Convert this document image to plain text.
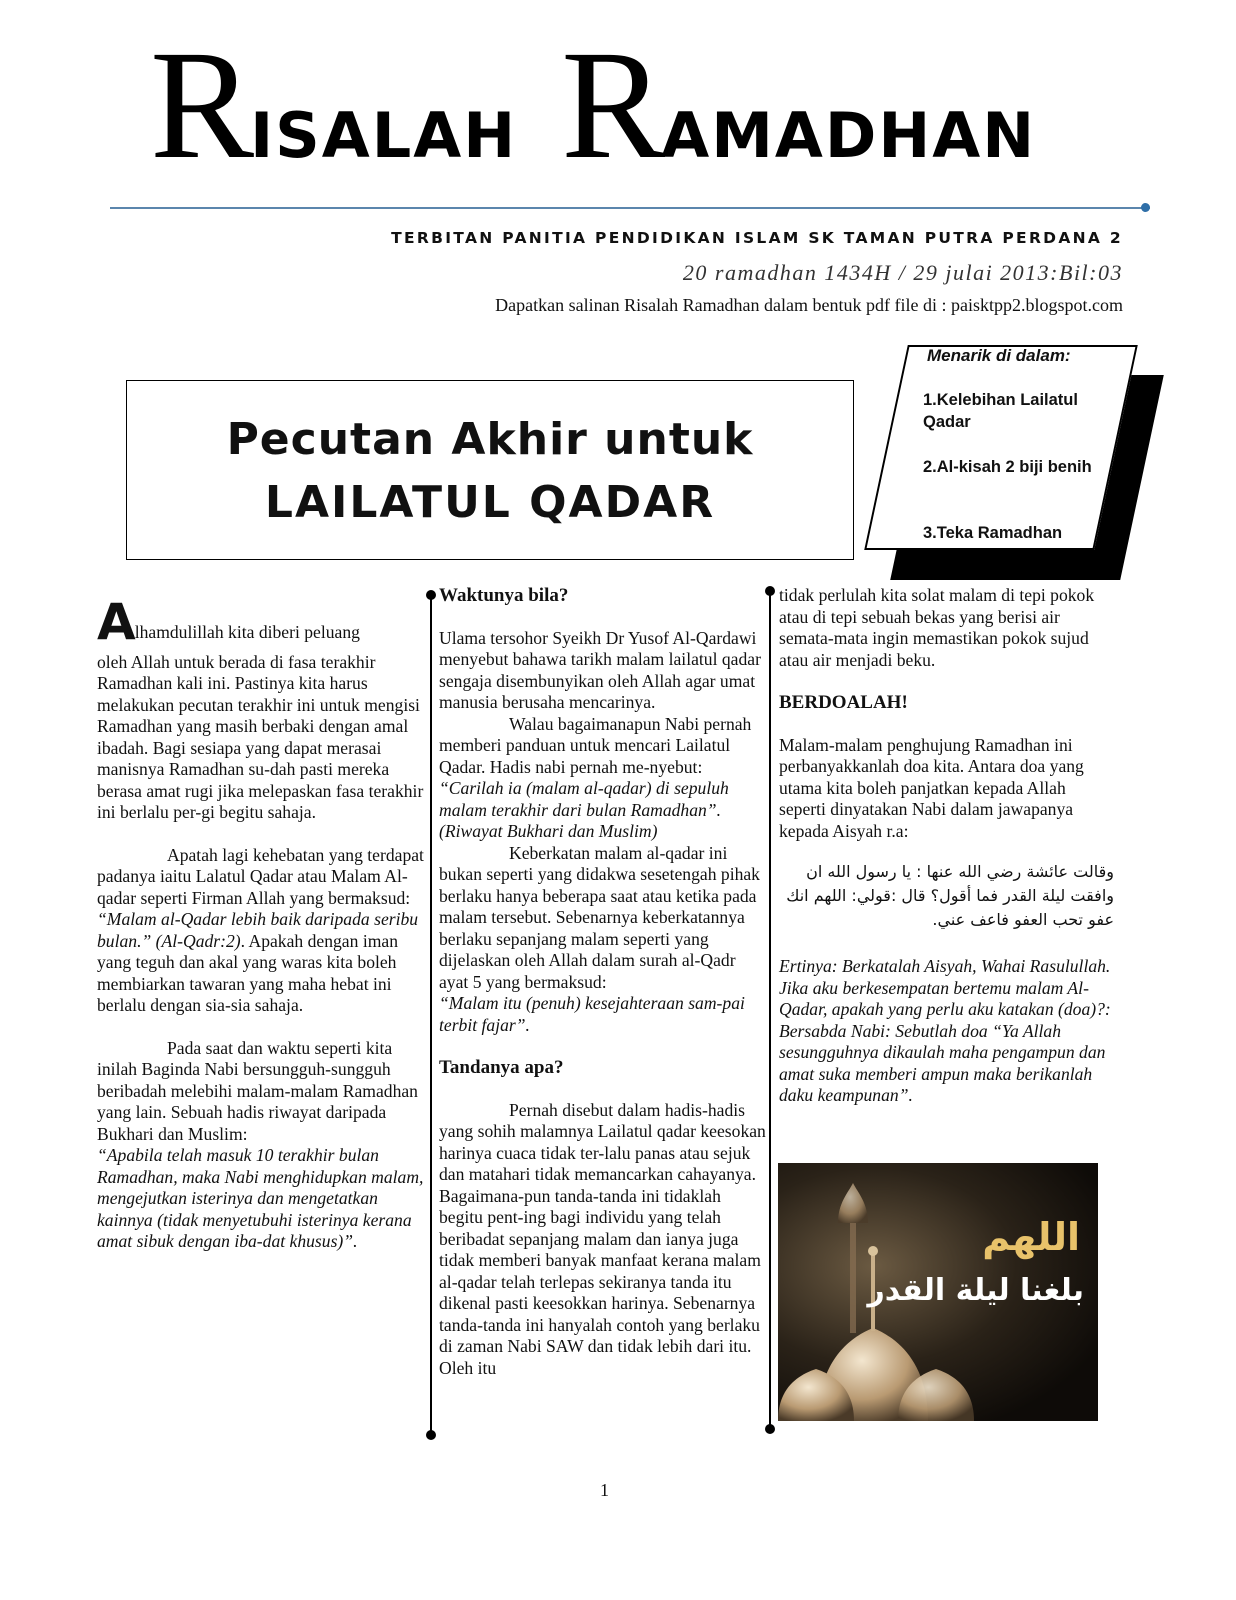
RISALAH RAMADHAN
TERBITAN PANITIA PENDIDIKAN ISLAM SK TAMAN PUTRA PERDANA 2
20 ramadhan 1434H / 29 julai 2013:Bil:03
Dapatkan salinan Risalah Ramadhan dalam bentuk pdf file di : paisktpp2.blogspot.com
Pecutan Akhir untuk
LAILATUL QADAR
Menarik di dalam:
1.Kelebihan Lailatul Qadar
2.Al-kisah 2 biji benih
3.Teka Ramadhan

A lhamdulillah kita diberi peluang

oleh Allah untuk berada di fasa terakhir Ramadhan kali ini. Pastinya kita harus melakukan pecutan terakhir ini untuk mengisi Ramadhan yang masih berbaki dengan amal ibadah. Bagi sesiapa yang dapat merasai manisnya Ramadhan su-dah pasti mereka berasa amat rugi jika melepaskan fasa terakhir ini berlalu per-gi begitu sahaja.

Apatah lagi kehebatan yang terdapat padanya iaitu Lalatul Qadar atau Malam Al-qadar seperti Firman Allah yang bermaksud: “Malam al-Qadar lebih baik daripada seribu bulan.” (Al-Qadr:2). Apakah dengan iman yang teguh dan akal yang waras kita boleh membiarkan tawaran yang maha hebat ini berlalu dengan sia-sia sahaja.

Pada saat dan waktu seperti kita inilah Baginda Nabi bersungguh-sungguh beribadah melebihi malam-malam Ramadhan yang lain. Sebuah hadis riwayat daripada Bukhari dan Muslim:

“Apabila telah masuk 10 terakhir bulan Ramadhan, maka Nabi menghidupkan malam, mengejutkan isterinya dan mengetatkan kainnya (tidak menyetubuhi isterinya kerana amat sibuk dengan iba-dat khusus)”.

Waktunya bila?

Ulama tersohor Syeikh Dr Yusof Al-Qardawi menyebut bahawa tarikh malam lailatul qadar sengaja disembunyikan oleh Allah agar umat manusia berusaha mencarinya.

Walau bagaimanapun Nabi pernah memberi panduan untuk mencari Lailatul Qadar. Hadis nabi pernah me-nyebut:

“Carilah ia (malam al-qadar) di sepuluh malam terakhir dari bulan Ramadhan”. (Riwayat Bukhari dan Muslim)

Keberkatan malam al-qadar ini bukan seperti yang didakwa sesetengah pihak berlaku hanya beberapa saat atau ketika pada malam tersebut. Sebenarnya keberkatannya berlaku sepanjang malam seperti yang dijelaskan oleh Allah dalam surah al-Qadr ayat 5 yang bermaksud:

“Malam itu (penuh) kesejahteraan sam-pai terbit fajar”.

Tandanya apa?

Pernah disebut dalam hadis-hadis yang sohih malamnya Lailatul qadar keesokan harinya cuaca tidak ter-lalu panas atau sejuk dan matahari tidak memancarkan cahayanya. Bagaimana-pun tanda-tanda ini tidaklah begitu pent-ing bagi individu yang telah beribadat sepanjang malam dan ianya juga tidak memberi banyak manfaat kerana malam al-qadar telah terlepas sekiranya tanda itu dikenal pasti keesokkan harinya. Sebenarnya tanda-tanda ini hanyalah contoh yang berlaku di zaman Nabi SAW dan tidak lebih dari itu. Oleh itu

tidak perlulah kita solat malam di tepi pokok atau di tepi sebuah bekas yang berisi air semata-mata ingin memastikan pokok sujud atau air menjadi beku.

BERDOALAH!

Malam-malam penghujung Ramadhan ini perbanyakkanlah doa kita. Antara doa yang utama kita boleh panjatkan kepada Allah seperti dinyatakan Nabi dalam jawapanya kepada Aisyah r.a:

وقالت عائشة رضي الله عنها : يا رسول الله ان وافقت ليلة القدر فما أقول؟ قال :قولي: اللهم انك عفو تحب العفو فاعف عني.

Ertinya: Berkatalah Aisyah, Wahai Rasulullah. Jika aku berkesempatan bertemu malam Al-Qadar, apakah yang perlu aku katakan (doa)?: Bersabda Nabi: Sebutlah doa “Ya Allah sesungguhnya dikaulah maha pengampun dan amat suka memberi ampun maka berikanlah daku keampunan”.

اللهم
بلغنا ليلة القدر
1
